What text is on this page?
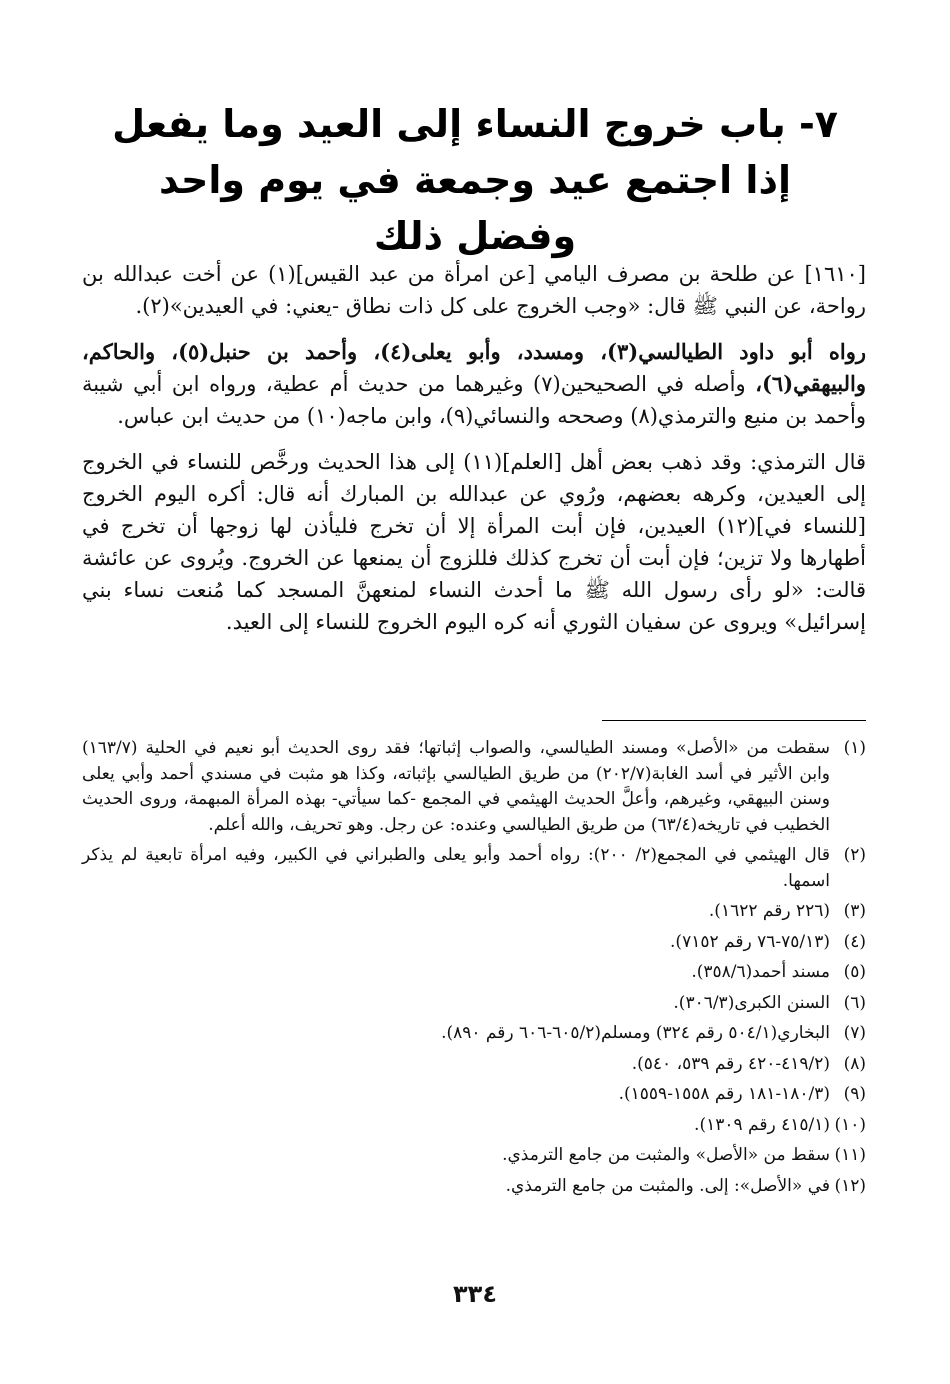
٧- باب خروج النساء إلى العيد وما يفعل
إذا اجتمع عيد وجمعة في يوم واحد
وفضل ذلك

[١٦١٠] عن طلحة بن مصرف اليامي [عن امرأة من عبد القيس](١) عن أخت عبدالله بن رواحة، عن النبي ﷺ قال: «وجب الخروج على كل ذات نطاق -يعني: في العيدين»(٢).

رواه أبو داود الطيالسي(٣)، ومسدد، وأبو يعلى(٤)، وأحمد بن حنبل(٥)، والحاكم، والبيهقي(٦)، وأصله في الصحيحين(٧) وغيرهما من حديث أم عطية، ورواه ابن أبي شيبة وأحمد بن منيع والترمذي(٨) وصححه والنسائي(٩)، وابن ماجه(١٠) من حديث ابن عباس.

قال الترمذي: وقد ذهب بعض أهل [العلم](١١) إلى هذا الحديث ورخَّص للنساء في الخروج إلى العيدين، وكرهه بعضهم، ورُوي عن عبدالله بن المبارك أنه قال: أكره اليوم الخروج [للنساء في](١٢) العيدين، فإن أبت المرأة إلا أن تخرج فليأذن لها زوجها أن تخرج في أطهارها ولا تزين؛ فإن أبت أن تخرج كذلك فللزوج أن يمنعها عن الخروج. ويُروى عن عائشة قالت: «لو رأى رسول الله ﷺ ما أحدث النساء لمنعهنَّ المسجد كما مُنعت نساء بني إسرائيل» ويروى عن سفيان الثوري أنه كره اليوم الخروج للنساء إلى العيد.

(١)سقطت من «الأصل» ومسند الطيالسي، والصواب إثباتها؛ فقد روى الحديث أبو نعيم في الحلية (١٦٣/٧) وابن الأثير في أسد الغابة(٢٠٢/٧) من طريق الطيالسي بإثباته، وكذا هو مثبت في مسندي أحمد وأبي يعلى وسنن البيهقي، وغيرهم، وأعلَّ الحديث الهيثمي في المجمع -كما سيأتي- بهذه المرأة المبهمة، وروى الحديث الخطيب في تاريخه(٦٣/٤) من طريق الطيالسي وعنده: عن رجل. وهو تحريف، والله أعلم.
(٢)قال الهيثمي في المجمع(٢/ ٢٠٠): رواه أحمد وأبو يعلى والطبراني في الكبير، وفيه امرأة تابعية لم يذكر اسمها.
(٣)(٢٢٦ رقم ١٦٢٢).
(٤)(٧٥/١٣-٧٦ رقم ٧١٥٢).
(٥)مسند أحمد(٣٥٨/٦).
(٦)السنن الكبرى(٣٠٦/٣).
(٧)البخاري(٥٠٤/١ رقم ٣٢٤) ومسلم(٦٠٥/٢-٦٠٦ رقم ٨٩٠).
(٨)(٤١٩/٢-٤٢٠ رقم ٥٣٩، ٥٤٠).
(٩)(١٨٠/٣-١٨١ رقم ١٥٥٨-١٥٥٩).
(١٠)(٤١٥/١ رقم ١٣٠٩).
(١١)سقط من «الأصل» والمثبت من جامع الترمذي.
(١٢)في «الأصل»: إلى. والمثبت من جامع الترمذي.
٣٣٤
